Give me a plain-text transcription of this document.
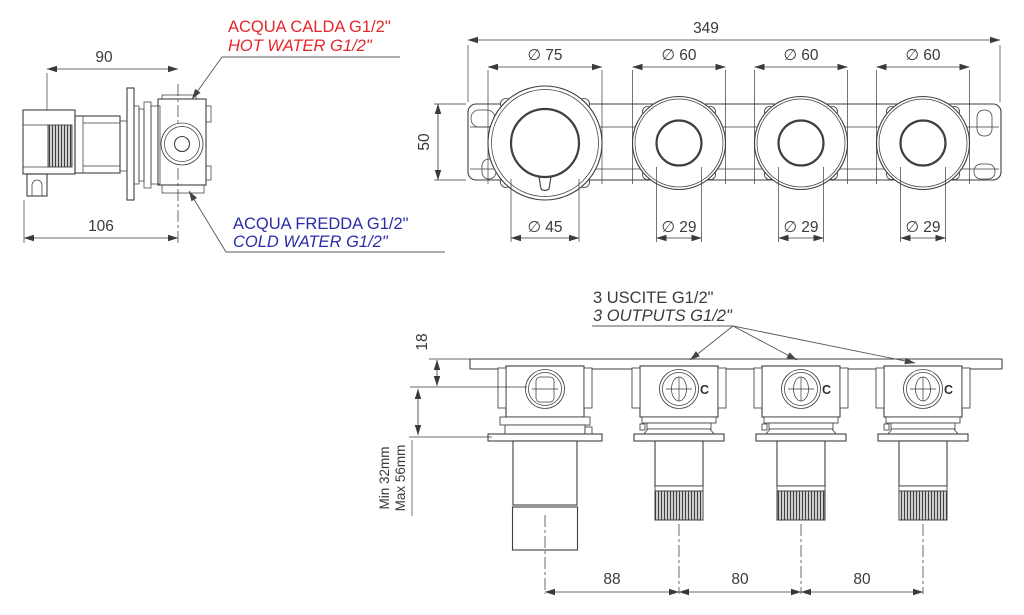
90
106
ACQUA CALDA G1/2"
HOT WATER G1/2"
ACQUA FREDDA G1/2"
COLD WATER G1/2"
349
∅ 75	∅ 60	∅ 60	∅ 60
∅ 45	∅ 29	∅ 29	∅ 29
50
C	C	C
3 USCITE G1/2"
3 OUTPUTS G1/2"
18
Min 32mm Max 56mm
88	80	80
